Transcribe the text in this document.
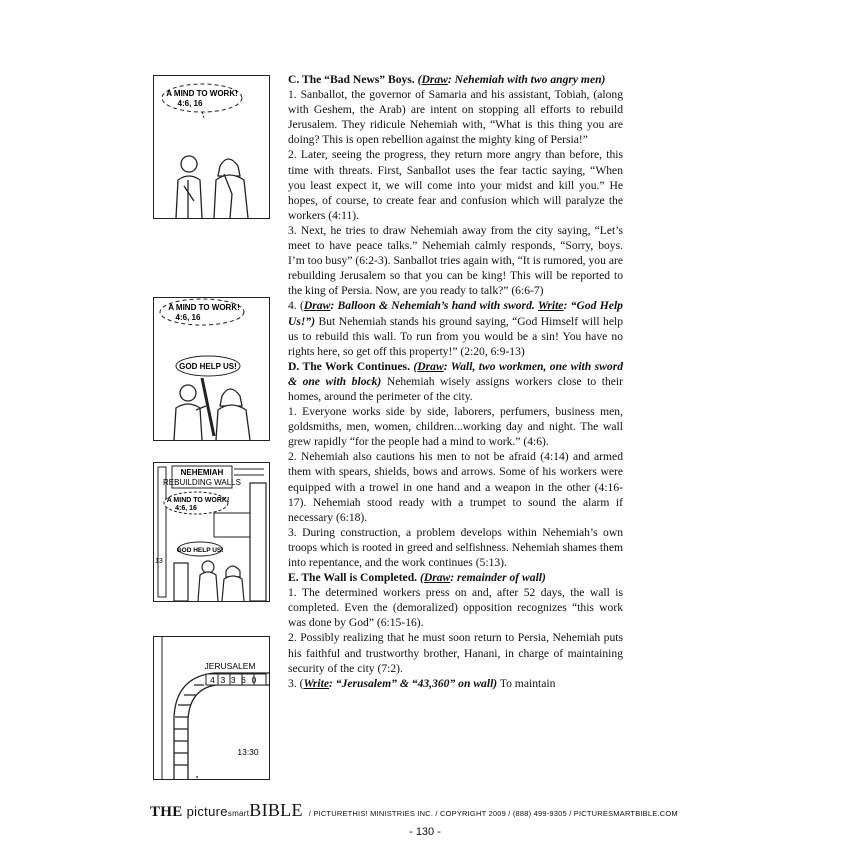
A MIND TO WORK!
4:6, 16
A MIND TO WORK!
4:6, 16
GOD HELP US!
NEHEMIAH
REBUILDING WALLS
A MIND TO WORK!
4:6, 16
GOD HELP US!
13
JERUSALEM
43360
13:30

C. The “Bad News” Boys. (Draw: Nehemiah with two angry men)

1. Sanballot, the governor of Samaria and his assistant, Tobiah, (along with Geshem, the Arab) are intent on stopping all efforts to rebuild Jerusalem. They ridicule Nehemiah with, “What is this thing you are doing? This is open rebellion against the mighty king of Persia!”

2. Later, seeing the progress, they return more angry than before, this time with threats. First, Sanballot uses the fear tactic saying, “When you least expect it, we will come into your midst and kill you.” He hopes, of course, to create fear and confusion which will paralyze the workers (4:11).

3. Next, he tries to draw Nehemiah away from the city saying, “Let’s meet to have peace talks.” Nehemiah calmly responds, “Sorry, boys. I’m too busy” (6:2-3). Sanballot tries again with, “It is rumored, you are rebuilding Jerusalem so that you can be king! This will be reported to the king of Persia. Now, are you ready to talk?” (6:6-7)

4. (Draw: Balloon & Nehemiah’s hand with sword. Write: “God Help Us!”) But Nehemiah stands his ground saying, “God Himself will help us to rebuild this wall. To run from you would be a sin! You have no rights here, so get off this property!” (2:20, 6:9-13)

D. The Work Continues. (Draw: Wall, two workmen, one with sword & one with block) Nehemiah wisely assigns workers close to their homes, around the perimeter of the city.

1. Everyone works side by side, laborers, perfumers, business men, goldsmiths, men, women, children...working day and night. The wall grew rapidly “for the people had a mind to work.” (4:6).

2. Nehemiah also cautions his men to not be afraid (4:14) and armed them with spears, shields, bows and arrows. Some of his workers were equipped with a trowel in one hand and a weapon in the other (4:16-17). Nehemiah stood ready with a trumpet to sound the alarm if necessary (6:18).

3. During construction, a problem develops within Nehemiah’s own troops which is rooted in greed and selfishness. Nehemiah shames them into repentance, and the work continues (5:13).

E. The Wall is Completed. (Draw: remainder of wall)

1. The determined workers press on and, after 52 days, the wall is completed. Even the (demoralized) opposition recognizes “this work was done by God” (6:15-16).

2. Possibly realizing that he must soon return to Persia, Nehemiah puts his faithful and trustworthy brother, Hanani, in charge of maintaining security of the city (7:2).

3. (Write: “Jerusalem” & “43,360” on wall) To maintain

THE picturesmartBIBLE / PICTURETHIS! MINISTRIES INC. / COPYRIGHT 2009 / (888) 499-9305 / PICTURESMARTBIBLE.COM
- 130 -
